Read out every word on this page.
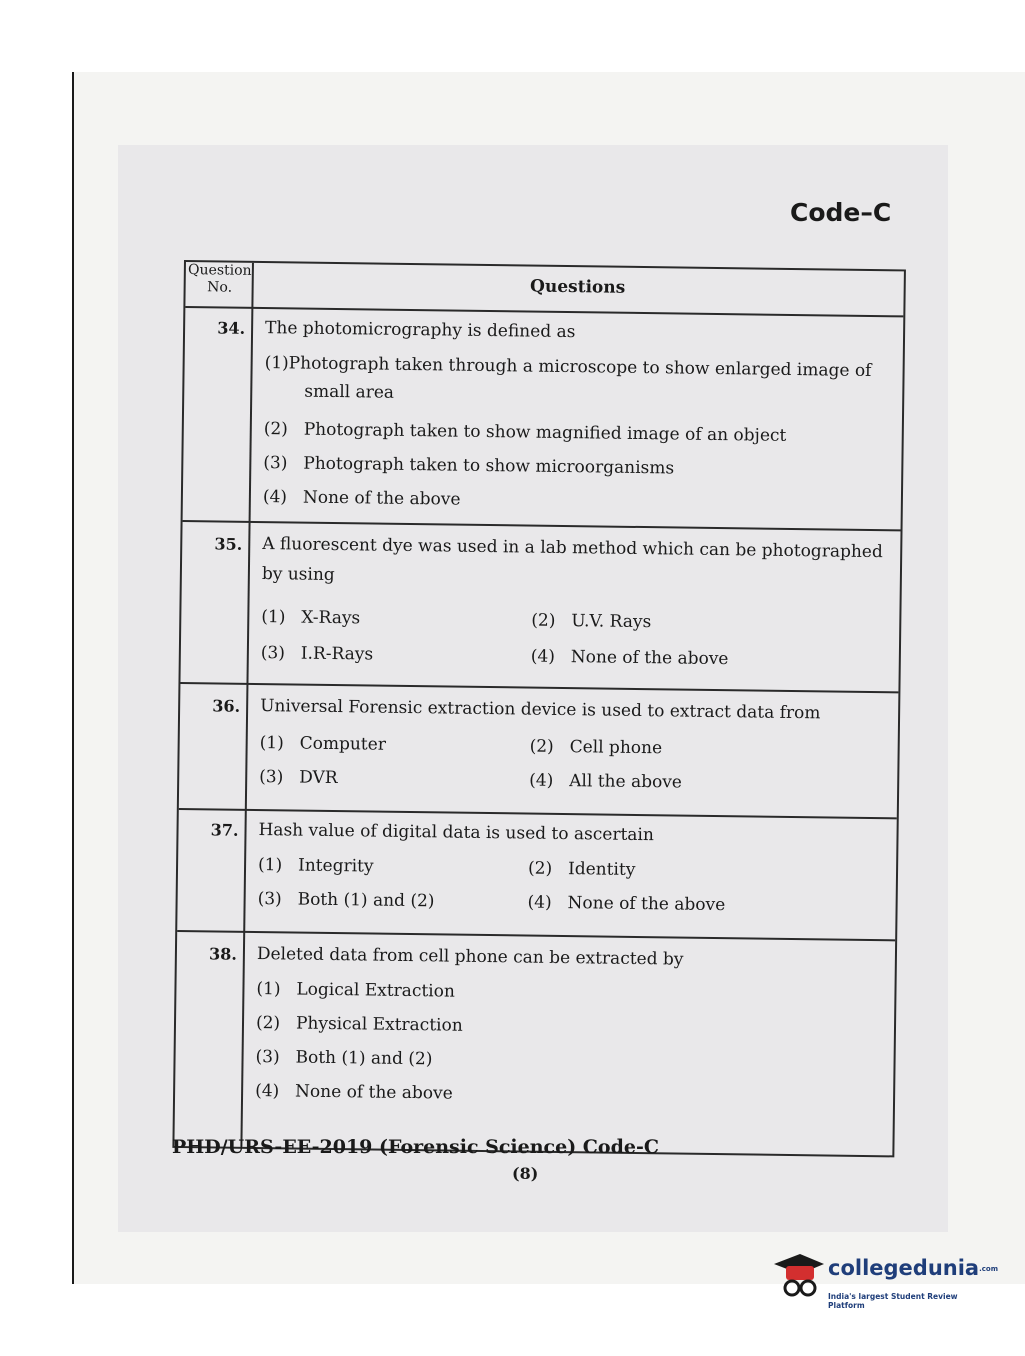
Code–C
Question
No.	Questions
34. The photomicrography is defined as
(1)Photograph taken through a microscope to show enlarged image of small area
(2) Photograph taken to show magnified image of an object
(3) Photograph taken to show microorganisms
(4) None of the above
35. A fluorescent dye was used in a lab method which can be photographed by using
(1) X-Rays	(2) U.V. Rays
(3) I.R-Rays	(4) None of the above
36. Universal Forensic extraction device is used to extract data from
(1) Computer	(2) Cell phone
(3) DVR	(4) All the above
37. Hash value of digital data is used to ascertain
(1) Integrity	(2) Identity
(3) Both (1) and (2)	(4) None of the above
38. Deleted data from cell phone can be extracted by
(1) Logical Extraction
(2) Physical Extraction
(3) Both (1) and (2)
(4) None of the above
PHD/URS-EE-2019 (Forensic Science) Code-C
(8)
collegedunia.com
India's largest Student Review Platform
